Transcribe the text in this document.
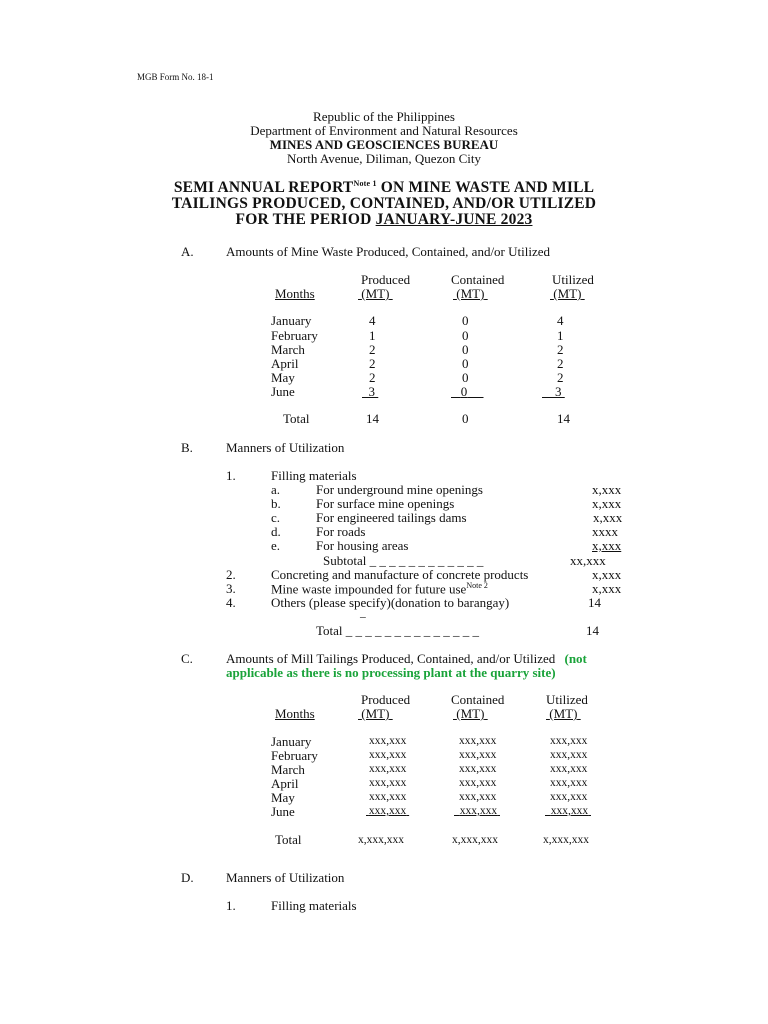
MGB Form No. 18-1
Republic of the Philippines
Department of Environment and Natural Resources
MINES AND GEOSCIENCES BUREAU
North Avenue, Diliman, Quezon City
SEMI ANNUAL $REPORT^{Note 1}$ ON MINE WASTE AND MILL
TAILINGS PRODUCED, CONTAINED, AND/OR UTILIZED
FOR THE PERIOD JANUARY-JUNE 2023
A. Amounts of Mine Waste Produced, Contained, and/or Utilized
Produced	Contained	Utilized
Months	(MT)	(MT)	(MT)
January	4	0	4
February	1	0	1
March	2	0	2
April	2	0	2
May	2	0	2
June	3	0	3
Total	14	0	14
B.	Manners of Utilization
1.	Filling materials
a.	For underground mine openings	x,xxx
b.	For surface mine openings	x,xxx
c.	For engineered tailings dams	x,xxx
d.	For roads	xxxx
e.	For housing areas	x,xxx
Subtotal _ _ _ _ _ _ _ _ _ _ _ _	xx,xxx
2.	Concreting and manufacture of concrete products	x,xxx
3.	Mine waste impounded for future use$^{Note 2}$	x,xxx
4.	Others (please specify)(donation to barangay)	14
–
Total _ _ _ _ _ _ _ _ _ _ _ _ _ _	14
C.	Amounts of Mill Tailings Produced, Contained, and/or Utilized (not
applicable as there is no processing plant at the quarry site)
Produced	Contained	Utilized
Months	(MT)	(MT)	(MT)
January	xxx,xxx	xxx,xxx	xxx,xxx
February	xxx,xxx	xxx,xxx	xxx,xxx
March	xxx,xxx	xxx,xxx	xxx,xxx
April	xxx,xxx	xxx,xxx	xxx,xxx
May	xxx,xxx	xxx,xxx	xxx,xxx
June	xxx,xxx	xxx,xxx	xxx,xxx
Total	x,xxx,xxx	x,xxx,xxx	x,xxx,xxx
D. Manners of Utilization
1.	Filling materials
